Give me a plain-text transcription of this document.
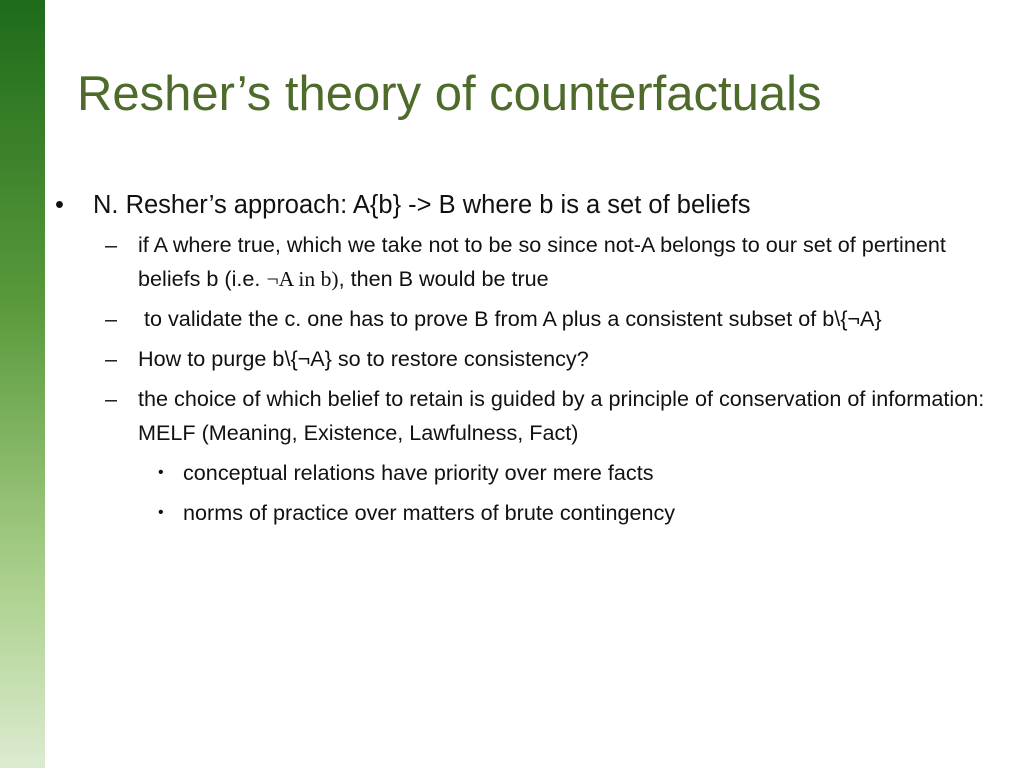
Resher’s theory of counterfactuals
• N. Resher’s approach: A{b} -> B where b is a set of beliefs
– if A where true, which we take not to be so since not-A belongs to our set of pertinent beliefs b (i.e. ¬A in b), then B would be true
– to validate the c. one has to prove B from A plus a consistent subset of b\{¬A}
– How to purge b\{¬A} so to restore consistency?
– the choice of which belief to retain is guided by a principle of conservation of information: MELF (Meaning, Existence, Lawfulness, Fact)
• conceptual relations have priority over mere facts
• norms of practice over matters of brute contingency
